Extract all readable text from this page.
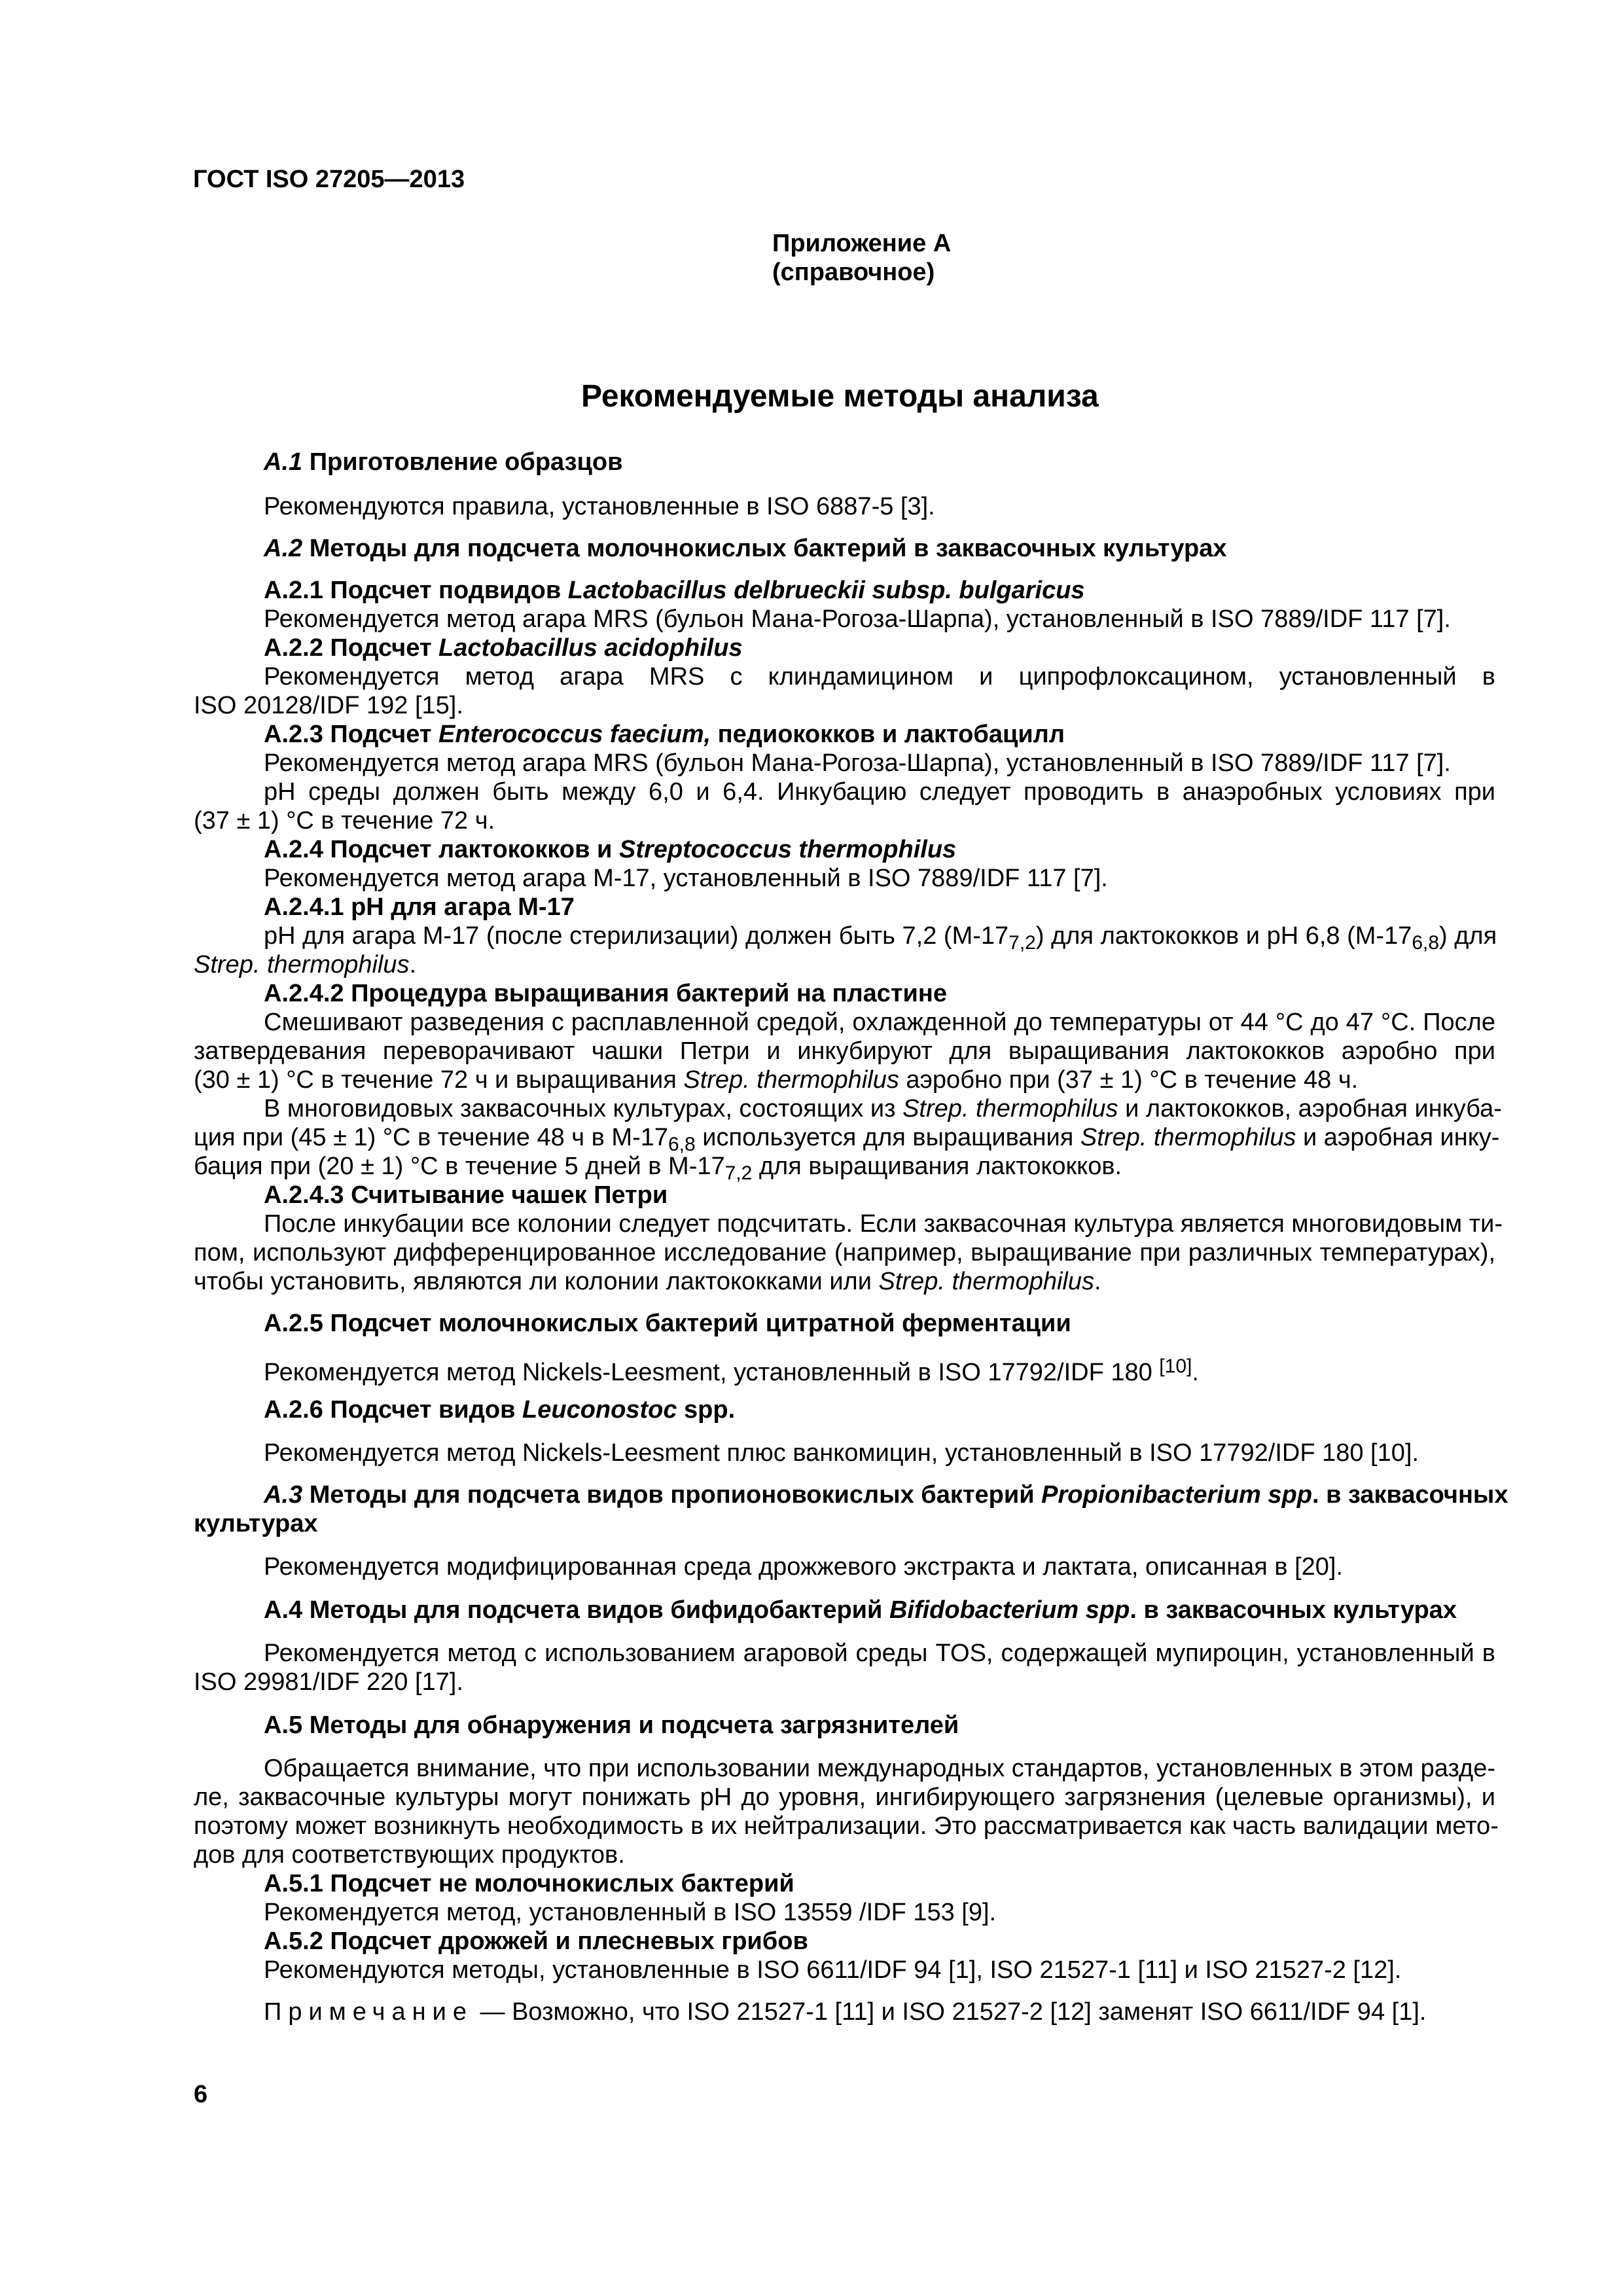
ГОСТ ISO 27205—2013
Приложение А
(справочное)
Рекомендуемые методы анализа
A.1 Приготовление образцов
Рекомендуются правила, установленные в ISO 6887-5 [3].
A.2 Методы для подсчета молочнокислых бактерий в заквасочных культурах
A.2.1 Подсчет подвидов Lactobacillus delbrueckii subsp. bulgaricus
Рекомендуется метод агара MRS (бульон Мана-Рогоза-Шарпа), установленный в ISO 7889/IDF 117 [7].
A.2.2 Подсчет Lactobacillus acidophilus
Рекомендуется метод агара MRS с клиндамицином и ципрофлоксацином, установленный в
ISO 20128/IDF 192 [15].
A.2.3 Подсчет Enterococcus faecium, педиококков и лактобацилл
Рекомендуется метод агара MRS (бульон Мана-Рогоза-Шарпа), установленный в ISO 7889/IDF 117 [7].
pH среды должен быть между 6,0 и 6,4. Инкубацию следует проводить в анаэробных условиях при
(37 ± 1) °C в течение 72 ч.
A.2.4 Подсчет лактококков и Streptococcus thermophilus
Рекомендуется метод агара М-17, установленный в ISO 7889/IDF 117 [7].
A.2.4.1 pH для агара М-17
pH для агара М-17 (после стерилизации) должен быть 7,2 $(М-17_{7,2})$ для лактококков и pH 6,8 $(М-17_{6,8})$ для
Strep. thermophilus.
A.2.4.2 Процедура выращивания бактерий на пластине
Смешивают разведения с расплавленной средой, охлажденной до температуры от 44 °C до 47 °C. После
затвердевания переворачивают чашки Петри и инкубируют для выращивания лактококков аэробно при
(30 ± 1) °C в течение 72 ч и выращивания Strep. thermophilus аэробно при (37 ± 1) °C в течение 48 ч.
В многовидовых заквасочных культурах, состоящих из Strep. thermophilus и лактококков, аэробная инкуба-
ция при (45 ± 1) °C в течение 48 ч в $М-17_{6,8}$ используется для выращивания Strep. thermophilus и аэробная инку-
бация при (20 ± 1) °C в течение 5 дней в $М-17_{7,2}$ для выращивания лактококков.
A.2.4.3 Считывание чашек Петри
После инкубации все колонии следует подсчитать. Если заквасочная культура является многовидовым ти-
пом, используют дифференцированное исследование (например, выращивание при различных температурах),
чтобы установить, являются ли колонии лактококками или Strep. thermophilus.
A.2.5 Подсчет молочнокислых бактерий цитратной ферментации
Рекомендуется метод Nickels-Leesment, установленный в ISO 17792/IDF 180 [10].
A.2.6 Подсчет видов Leuconostoc spp.
Рекомендуется метод Nickels-Leesment плюс ванкомицин, установленный в ISO 17792/IDF 180 [10].
A.3 Методы для подсчета видов пропионовокислых бактерий Propionibacterium spp. в заквасочных
культурах
Рекомендуется модифицированная среда дрожжевого экстракта и лактата, описанная в [20].
A.4 Методы для подсчета видов бифидобактерий Bifidobacterium spp. в заквасочных культурах
Рекомендуется метод с использованием агаровой среды TOS, содержащей мупироцин, установленный в
ISO 29981/IDF 220 [17].
A.5 Методы для обнаружения и подсчета загрязнителей
Обращается внимание, что при использовании международных стандартов, установленных в этом разде-
ле, заквасочные культуры могут понижать pH до уровня, ингибирующего загрязнения (целевые организмы), и
поэтому может возникнуть необходимость в их нейтрализации. Это рассматривается как часть валидации мето-
дов для соответствующих продуктов.
A.5.1 Подсчет не молочнокислых бактерий
Рекомендуется метод, установленный в ISO 13559 /IDF 153 [9].
A.5.2 Подсчет дрожжей и плесневых грибов
Рекомендуются методы, установленные в ISO 6611/IDF 94 [1], ISO 21527-1 [11] и ISO 21527-2 [12].
Примечание — Возможно, что ISO 21527-1 [11] и ISO 21527-2 [12] заменят ISO 6611/IDF 94 [1].
6
